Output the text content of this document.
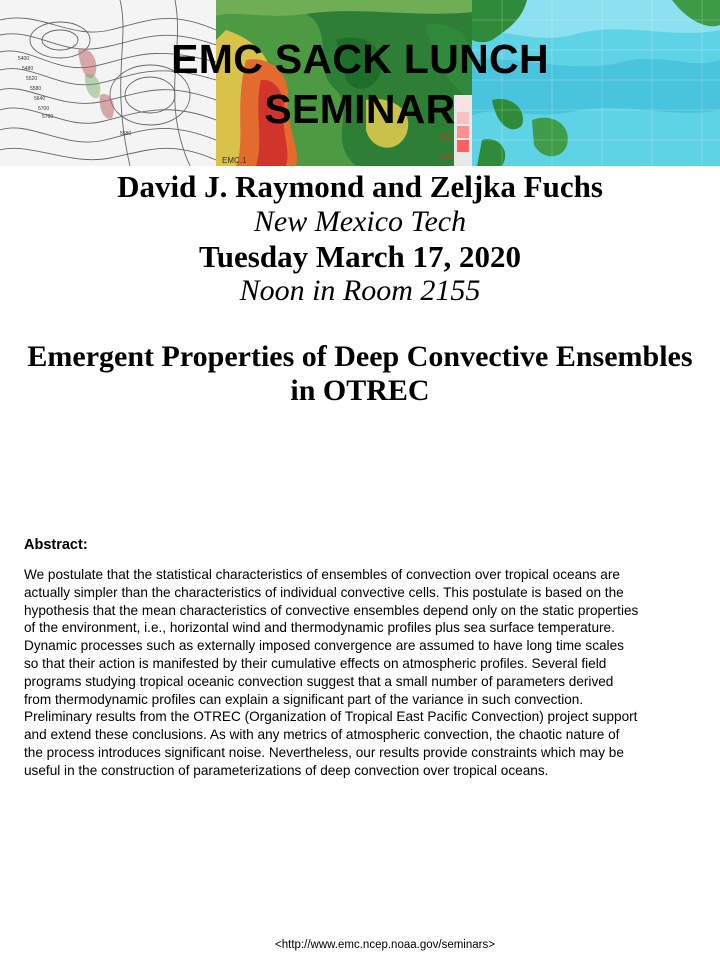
5400
5480
5520
5580
5640
5700
5760
5580	0.2
0.1
EMC.1
EMC SACK LUNCH
SEMINAR

David J. Raymond and Zeljka Fuchs

New Mexico Tech

Tuesday March 17, 2020

Noon in Room 2155

Emergent Properties of Deep Convective Ensembles
in OTREC

Abstract:

We postulate that the statistical characteristics of ensembles of convection over tropical oceans are
actually simpler than the characteristics of individual convective cells. This postulate is based on the
hypothesis that the mean characteristics of convective ensembles depend only on the static properties
of the environment, i.e., horizontal wind and thermodynamic profiles plus sea surface temperature.
Dynamic processes such as externally imposed convergence are assumed to have long time scales
so that their action is manifested by their cumulative effects on atmospheric profiles. Several field
programs studying tropical oceanic convection suggest that a small number of parameters derived
from thermodynamic profiles can explain a significant part of the variance in such convection.
Preliminary results from the OTREC (Organization of Tropical East Pacific Convection) project support
and extend these conclusions. As with any metrics of atmospheric convection, the chaotic nature of
the process introduces significant noise. Nevertheless, our results provide constraints which may be
useful in the construction of parameterizations of deep convection over tropical oceans.

<http://www.emc.ncep.noaa.gov/seminars>
